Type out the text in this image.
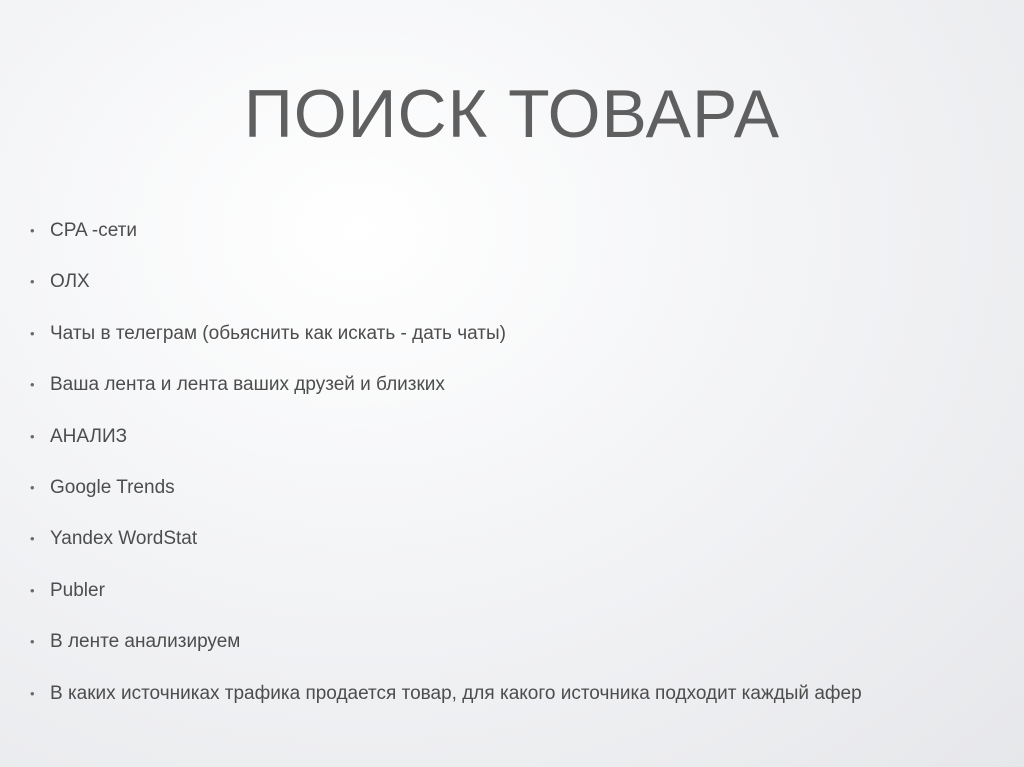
ПОИСК ТОВАРА
• CPA -сети
• ОЛХ
• Чаты в телеграм (обьяснить как искать - дать чаты)
• Ваша лента и лента ваших друзей и близких
• АНАЛИЗ
• Google Trends
• Yandex WordStat
• Publer
• В ленте анализируем
• В каких источниках трафика продается товар, для какого источника подходит каждый афер
